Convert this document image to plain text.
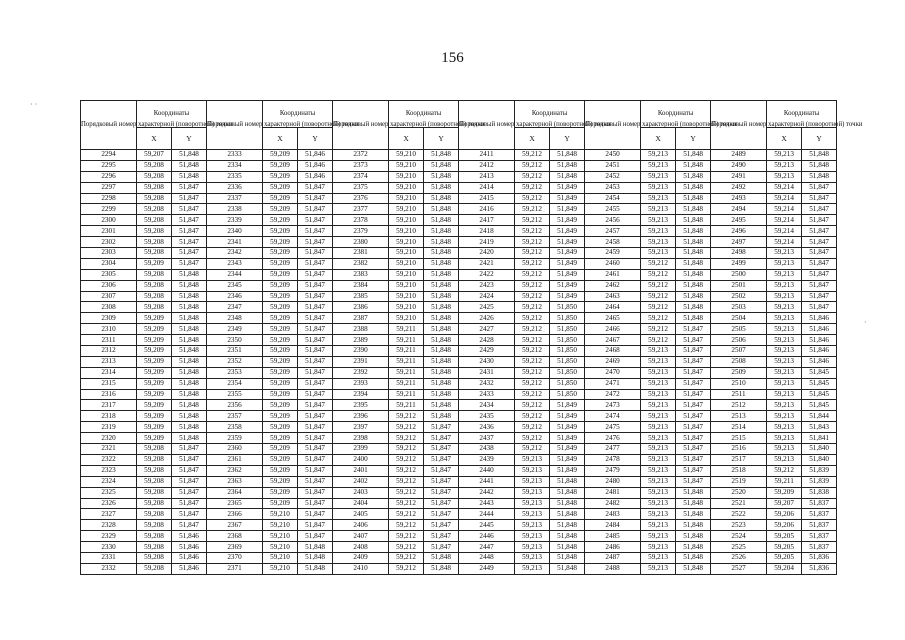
156
· ·
·
Порядковый номер характерной (поворотной) точки	Координаты		Порядковый номер характерной (поворотной) точки	Координаты		Порядковый номер характерной (поворотной) точки	Координаты		Порядковый номер характерной (поворотной) точки	Координаты		Порядковый номер характерной (поворотной) точки	Координаты		Порядковый номер характерной (поворотной) точки	Координаты	
	X	Y		X	Y		X	Y		X	Y		X	Y		X	Y
2294	59,207	51,848	2333	59,209	51,846	2372	59,210	51,848	2411	59,212	51,848	2450	59,213	51,848	2489	59,213	51,848
2295	59,208	51,848	2334	59,209	51,846	2373	59,210	51,848	2412	59,212	51,848	2451	59,213	51,848	2490	59,213	51,848
2296	59,208	51,848	2335	59,209	51,846	2374	59,210	51,848	2413	59,212	51,848	2452	59,213	51,848	2491	59,213	51,848
2297	59,208	51,847	2336	59,209	51,847	2375	59,210	51,848	2414	59,212	51,849	2453	59,213	51,848	2492	59,214	51,847
2298	59,208	51,847	2337	59,209	51,847	2376	59,210	51,848	2415	59,212	51,849	2454	59,213	51,848	2493	59,214	51,847
2299	59,208	51,847	2338	59,209	51,847	2377	59,210	51,848	2416	59,212	51,849	2455	59,213	51,848	2494	59,214	51,847
2300	59,208	51,847	2339	59,209	51,847	2378	59,210	51,848	2417	59,212	51,849	2456	59,213	51,848	2495	59,214	51,847
2301	59,208	51,847	2340	59,209	51,847	2379	59,210	51,848	2418	59,212	51,849	2457	59,213	51,848	2496	59,214	51,847
2302	59,208	51,847	2341	59,209	51,847	2380	59,210	51,848	2419	59,212	51,849	2458	59,213	51,848	2497	59,214	51,847
2303	59,208	51,847	2342	59,209	51,847	2381	59,210	51,848	2420	59,212	51,849	2459	59,213	51,848	2498	59,213	51,847
2304	59,209	51,847	2343	59,209	51,847	2382	59,210	51,848	2421	59,212	51,849	2460	59,212	51,848	2499	59,213	51,847
2305	59,208	51,848	2344	59,209	51,847	2383	59,210	51,848	2422	59,212	51,849	2461	59,212	51,848	2500	59,213	51,847
2306	59,208	51,848	2345	59,209	51,847	2384	59,210	51,848	2423	59,212	51,849	2462	59,212	51,848	2501	59,213	51,847
2307	59,208	51,848	2346	59,209	51,847	2385	59,210	51,848	2424	59,212	51,849	2463	59,212	51,848	2502	59,213	51,847
2308	59,208	51,848	2347	59,209	51,847	2386	59,210	51,848	2425	59,212	51,850	2464	59,212	51,848	2503	59,213	51,847
2309	59,209	51,848	2348	59,209	51,847	2387	59,210	51,848	2426	59,212	51,850	2465	59,212	51,848	2504	59,213	51,846
2310	59,209	51,848	2349	59,209	51,847	2388	59,211	51,848	2427	59,212	51,850	2466	59,212	51,847	2505	59,213	51,846
2311	59,209	51,848	2350	59,209	51,847	2389	59,211	51,848	2428	59,212	51,850	2467	59,212	51,847	2506	59,213	51,846
2312	59,209	51,848	2351	59,209	51,847	2390	59,211	51,848	2429	59,212	51,850	2468	59,213	51,847	2507	59,213	51,846
2313	59,209	51,848	2352	59,209	51,847	2391	59,211	51,848	2430	59,212	51,850	2469	59,213	51,847	2508	59,213	51,846
2314	59,209	51,848	2353	59,209	51,847	2392	59,211	51,848	2431	59,212	51,850	2470	59,213	51,847	2509	59,213	51,845
2315	59,209	51,848	2354	59,209	51,847	2393	59,211	51,848	2432	59,212	51,850	2471	59,213	51,847	2510	59,213	51,845
2316	59,209	51,848	2355	59,209	51,847	2394	59,211	51,848	2433	59,212	51,850	2472	59,213	51,847	2511	59,213	51,845
2317	59,209	51,848	2356	59,209	51,847	2395	59,211	51,848	2434	59,212	51,849	2473	59,213	51,847	2512	59,213	51,845
2318	59,209	51,848	2357	59,209	51,847	2396	59,212	51,848	2435	59,212	51,849	2474	59,213	51,847	2513	59,213	51,844
2319	59,209	51,848	2358	59,209	51,847	2397	59,212	51,847	2436	59,212	51,849	2475	59,213	51,847	2514	59,213	51,843
2320	59,209	51,848	2359	59,209	51,847	2398	59,212	51,847	2437	59,212	51,849	2476	59,213	51,847	2515	59,213	51,841
2321	59,208	51,847	2360	59,209	51,847	2399	59,212	51,847	2438	59,212	51,849	2477	59,213	51,847	2516	59,213	51,840
2322	59,208	51,847	2361	59,209	51,847	2400	59,212	51,847	2439	59,213	51,849	2478	59,213	51,847	2517	59,213	51,840
2323	59,208	51,847	2362	59,209	51,847	2401	59,212	51,847	2440	59,213	51,849	2479	59,213	51,847	2518	59,212	51,839
2324	59,208	51,847	2363	59,209	51,847	2402	59,212	51,847	2441	59,213	51,848	2480	59,213	51,847	2519	59,211	51,839
2325	59,208	51,847	2364	59,209	51,847	2403	59,212	51,847	2442	59,213	51,848	2481	59,213	51,848	2520	59,209	51,838
2326	59,208	51,847	2365	59,209	51,847	2404	59,212	51,847	2443	59,213	51,848	2482	59,213	51,848	2521	59,207	51,837
2327	59,208	51,847	2366	59,210	51,847	2405	59,212	51,847	2444	59,213	51,848	2483	59,213	51,848	2522	59,206	51,837
2328	59,208	51,847	2367	59,210	51,847	2406	59,212	51,847	2445	59,213	51,848	2484	59,213	51,848	2523	59,206	51,837
2329	59,208	51,846	2368	59,210	51,847	2407	59,212	51,847	2446	59,213	51,848	2485	59,213	51,848	2524	59,205	51,837
2330	59,208	51,846	2369	59,210	51,848	2408	59,212	51,847	2447	59,213	51,848	2486	59,213	51,848	2525	59,205	51,837
2331	59,208	51,846	2370	59,210	51,848	2409	59,212	51,848	2448	59,213	51,848	2487	59,213	51,848	2526	59,205	51,836
2332	59,208	51,846	2371	59,210	51,848	2410	59,212	51,848	2449	59,213	51,848	2488	59,213	51,848	2527	59,204	51,836
